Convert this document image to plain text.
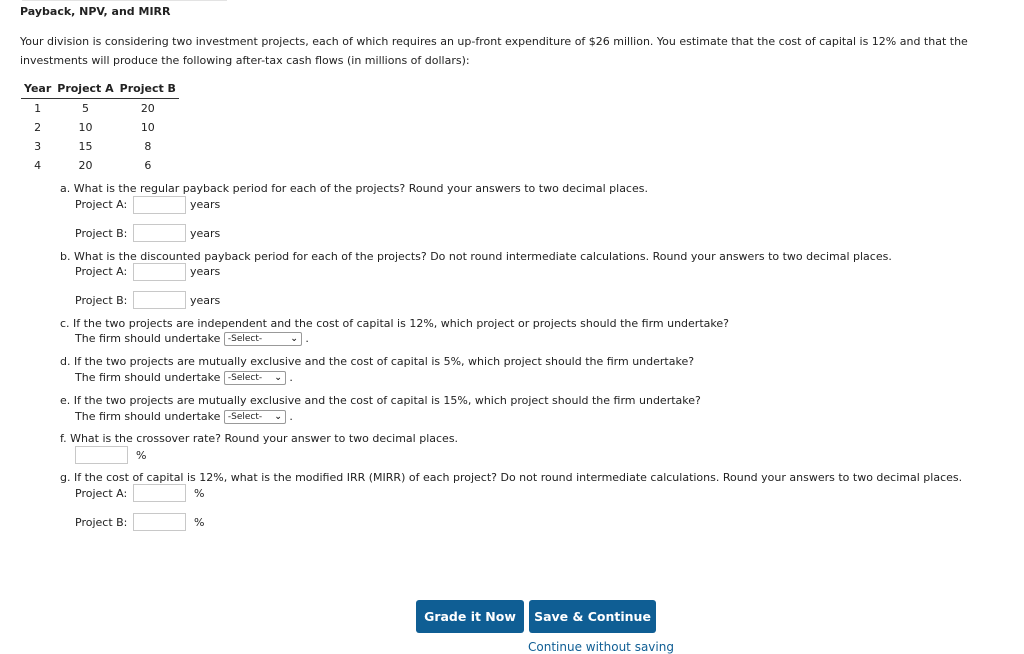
Payback, NPV, and MIRR
Your division is considering two investment projects, each of which requires an up-front expenditure of $26 million. You estimate that the cost of capital is 12% and that the investments will produce the following after-tax cash flows (in millions of dollars):
Year	Project A	Project B
1	5	20
2	10	10
3	15	8
4	20	6
a. What is the regular payback period for each of the projects? Round your answers to two decimal places.
Project A:	years
Project B:	years
b. What is the discounted payback period for each of the projects? Do not round intermediate calculations. Round your answers to two decimal places.
Project A:	years
Project B:	years
c. If the two projects are independent and the cost of capital is 12%, which project or projects should the firm undertake?
The firm should undertake -Select-	⌄ .
d. If the two projects are mutually exclusive and the cost of capital is 5%, which project should the firm undertake?
The firm should undertake -Select- ⌄ .
e. If the two projects are mutually exclusive and the cost of capital is 15%, which project should the firm undertake?
The firm should undertake -Select- ⌄ .
f. What is the crossover rate? Round your answer to two decimal places.
%
g. If the cost of capital is 12%, what is the modified IRR (MIRR) of each project? Do not round intermediate calculations. Round your answers to two decimal places.
Project A:	%
Project B:	%
Grade it Now	Save & Continue
Continue without saving
